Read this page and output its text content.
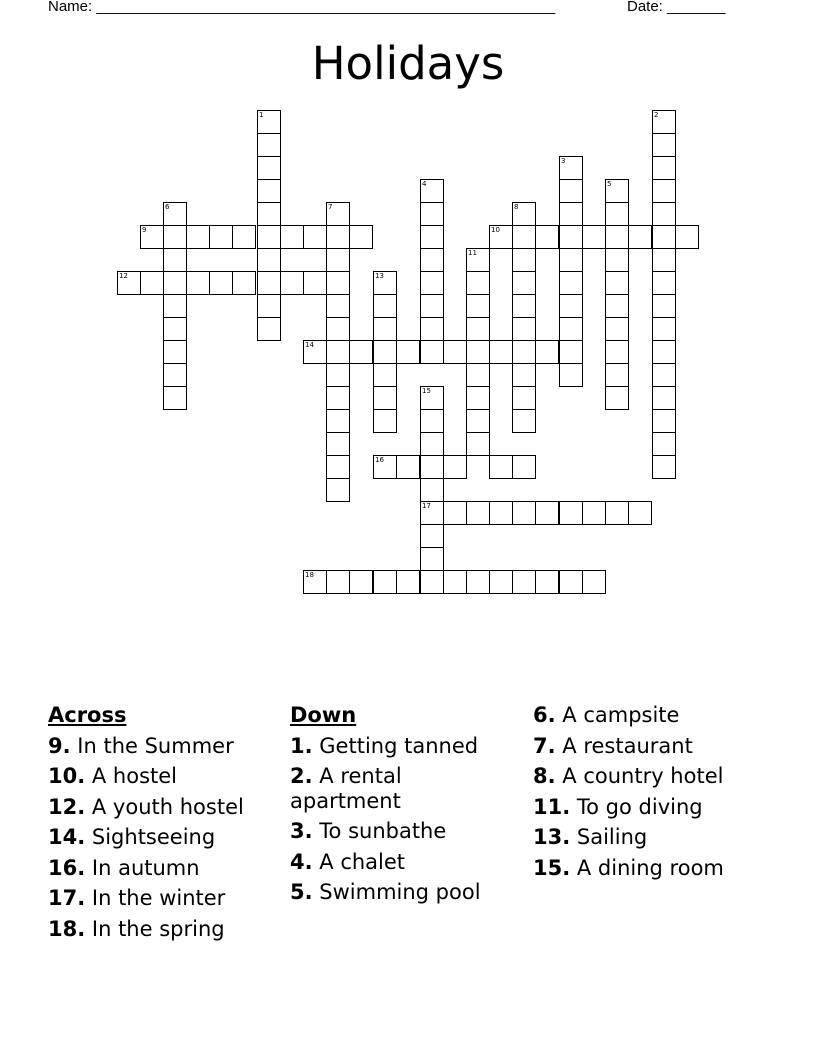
Name: _______________________________________________________	Date: _______
Holidays
1	2
3
4	5
6	7	8
9	10
11
12	13
14
15
16
17
18
Across
9. In the Summer
10. A hostel
12. A youth hostel
14. Sightseeing
16. In autumn
17. In the winter
18. In the spring
Down
1. Getting tanned
2. A rental apartment
3. To sunbathe
4. A chalet
5. Swimming pool
6. A campsite
7. A restaurant
8. A country hotel
11. To go diving
13. Sailing
15. A dining room
